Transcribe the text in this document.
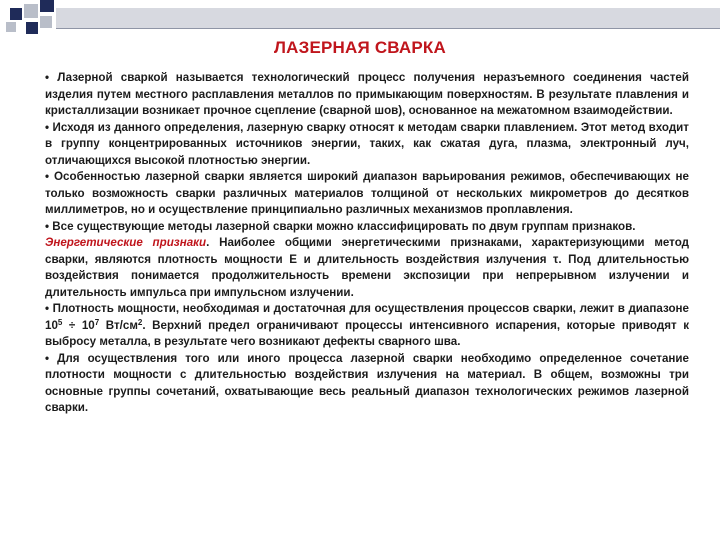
ЛАЗЕРНАЯ СВАРКА

• Лазерной сваркой называется технологический процесс получения неразъемного соединения частей изделия путем местного расплавления металлов по примыкающим поверхностям. В результате плавления и кристаллизации возникает прочное сцепление (сварной шов), основанное на межатомном взаимодействии.

• Исходя из данного определения, лазерную сварку относят к методам сварки плавлением. Этот метод входит в группу концентрированных источников энергии, таких, как сжатая дуга, плазма, электронный луч, отличающихся высокой плотностью энергии.

• Особенностью лазерной сварки является широкий диапазон варьирования режимов, обеспечивающих не только возможность сварки различных материалов толщиной от нескольких микрометров до десятков миллиметров, но и осуществление принципиально различных механизмов проплавления.

• Все существующие методы лазерной сварки можно классифицировать по двум группам признаков.

Энергетические признаки. Наиболее общими энергетическими признаками, характеризующими метод сварки, являются плотность мощности E и длительность воздействия излучения τ. Под длительностью воздействия понимается продолжительность времени экспозиции при непрерывном излучении и длительность импульса при импульсном излучении.

• Плотность мощности, необходимая и достаточная для осуществления процессов сварки, лежит в диапазоне $10^5 \div 10^7$ $Вт/см^2$. Верхний предел ограничивают процессы интенсивного испарения, которые приводят к выбросу металла, в результате чего возникают дефекты сварного шва.

• Для осуществления того или иного процесса лазерной сварки необходимо определенное сочетание плотности мощности с длительностью воздействия излучения на материал. В общем, возможны три основные группы сочетаний, охватывающие весь реальный диапазон технологических режимов лазерной сварки.
